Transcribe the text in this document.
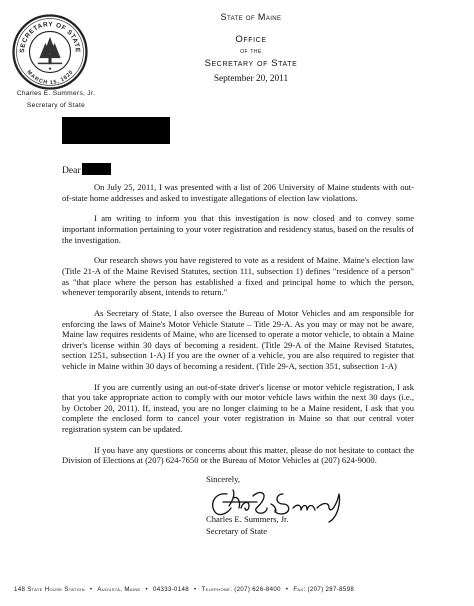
SECRETARY OF STATE
MARCH 15, 1820
★
Charles E. Summers, Jr.
Secretary of State
State of Maine
Office
of the
Secretary of State
September 20, 2011
Dear

On July 25, 2011, I was presented with a list of 206 University of Maine students with out-of-state home addresses and asked to investigate allegations of election law violations.

I am writing to inform you that this investigation is now closed and to convey some important information pertaining to your voter registration and residency status, based on the results of the investigation.

Our research shows you have registered to vote as a resident of Maine. Maine's election law (Title 21-A of the Maine Revised Statutes, section 111, subsection 1) defines "residence of a person" as "that place where the person has established a fixed and principal home to which the person, whenever temporarily absent, intends to return."

As Secretary of State, I also oversee the Bureau of Motor Vehicles and am responsible for enforcing the laws of Maine's Motor Vehicle Statute – Title 29-A. As you may or may not be aware, Maine law requires residents of Maine, who are licensed to operate a motor vehicle, to obtain a Maine driver's license within 30 days of becoming a resident. (Title 29-A of the Maine Revised Statutes, section 1251, subsection 1-A) If you are the owner of a vehicle, you are also required to register that vehicle in Maine within 30 days of becoming a resident. (Title 29-A, section 351, subsection 1-A)

If you are currently using an out-of-state driver's license or motor vehicle registration, I ask that you take appropriate action to comply with our motor vehicle laws within the next 30 days (i.e., by October 20, 2011). If, instead, you are no longer claiming to be a Maine resident, I ask that you complete the enclosed form to cancel your voter registration in Maine so that our central voter registration system can be updated.

If you have any questions or concerns about this matter, please do not hesitate to contact the Division of Elections at (207) 624-7650 or the Bureau of Motor Vehicles at (207) 624-9000.

Sincerely,
Charles E. Summers, Jr.
Secretary of State
148 State House Station • Augusta, Maine • 04333-0148 • Telephone: (207) 626-8400 • Fax: (207) 287-8598
